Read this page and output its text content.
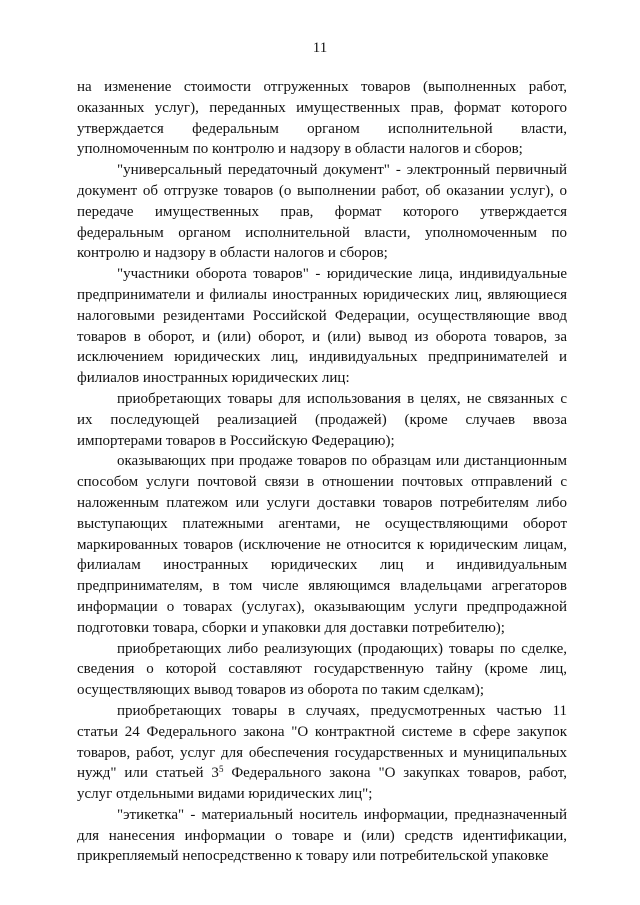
11

на изменение стоимости отгруженных товаров (выполненных работ, оказанных услуг), переданных имущественных прав, формат которого утверждается федеральным органом исполнительной власти, уполномоченным по контролю и надзору в области налогов и сборов;

"универсальный передаточный документ" - электронный первичный документ об отгрузке товаров (о выполнении работ, об оказании услуг), о передаче имущественных прав, формат которого утверждается федеральным органом исполнительной власти, уполномоченным по контролю и надзору в области налогов и сборов;

"участники оборота товаров" - юридические лица, индивидуальные предприниматели и филиалы иностранных юридических лиц, являющиеся налоговыми резидентами Российской Федерации, осуществляющие ввод товаров в оборот, и (или) оборот, и (или) вывод из оборота товаров, за исключением юридических лиц, индивидуальных предпринимателей и филиалов иностранных юридических лиц:

приобретающих товары для использования в целях, не связанных с их последующей реализацией (продажей) (кроме случаев ввоза импортерами товаров в Российскую Федерацию);

оказывающих при продаже товаров по образцам или дистанционным способом услуги почтовой связи в отношении почтовых отправлений с наложенным платежом или услуги доставки товаров потребителям либо выступающих платежными агентами, не осуществляющими оборот маркированных товаров (исключение не относится к юридическим лицам, филиалам иностранных юридических лиц и индивидуальным предпринимателям, в том числе являющимся владельцами агрегаторов информации о товарах (услугах), оказывающим услуги предпродажной подготовки товара, сборки и упаковки для доставки потребителю);

приобретающих либо реализующих (продающих) товары по сделке, сведения о которой составляют государственную тайну (кроме лиц, осуществляющих вывод товаров из оборота по таким сделкам);

приобретающих товары в случаях, предусмотренных частью 11 статьи 24 Федерального закона "О контрактной системе в сфере закупок товаров, работ, услуг для обеспечения государственных и муниципальных нужд" или статьей $3^5$ Федерального закона "О закупках товаров, работ, услуг отдельными видами юридических лиц";

"этикетка" - материальный носитель информации, предназначенный для нанесения информации о товаре и (или) средств идентификации, прикрепляемый непосредственно к товару или потребительской упаковке
